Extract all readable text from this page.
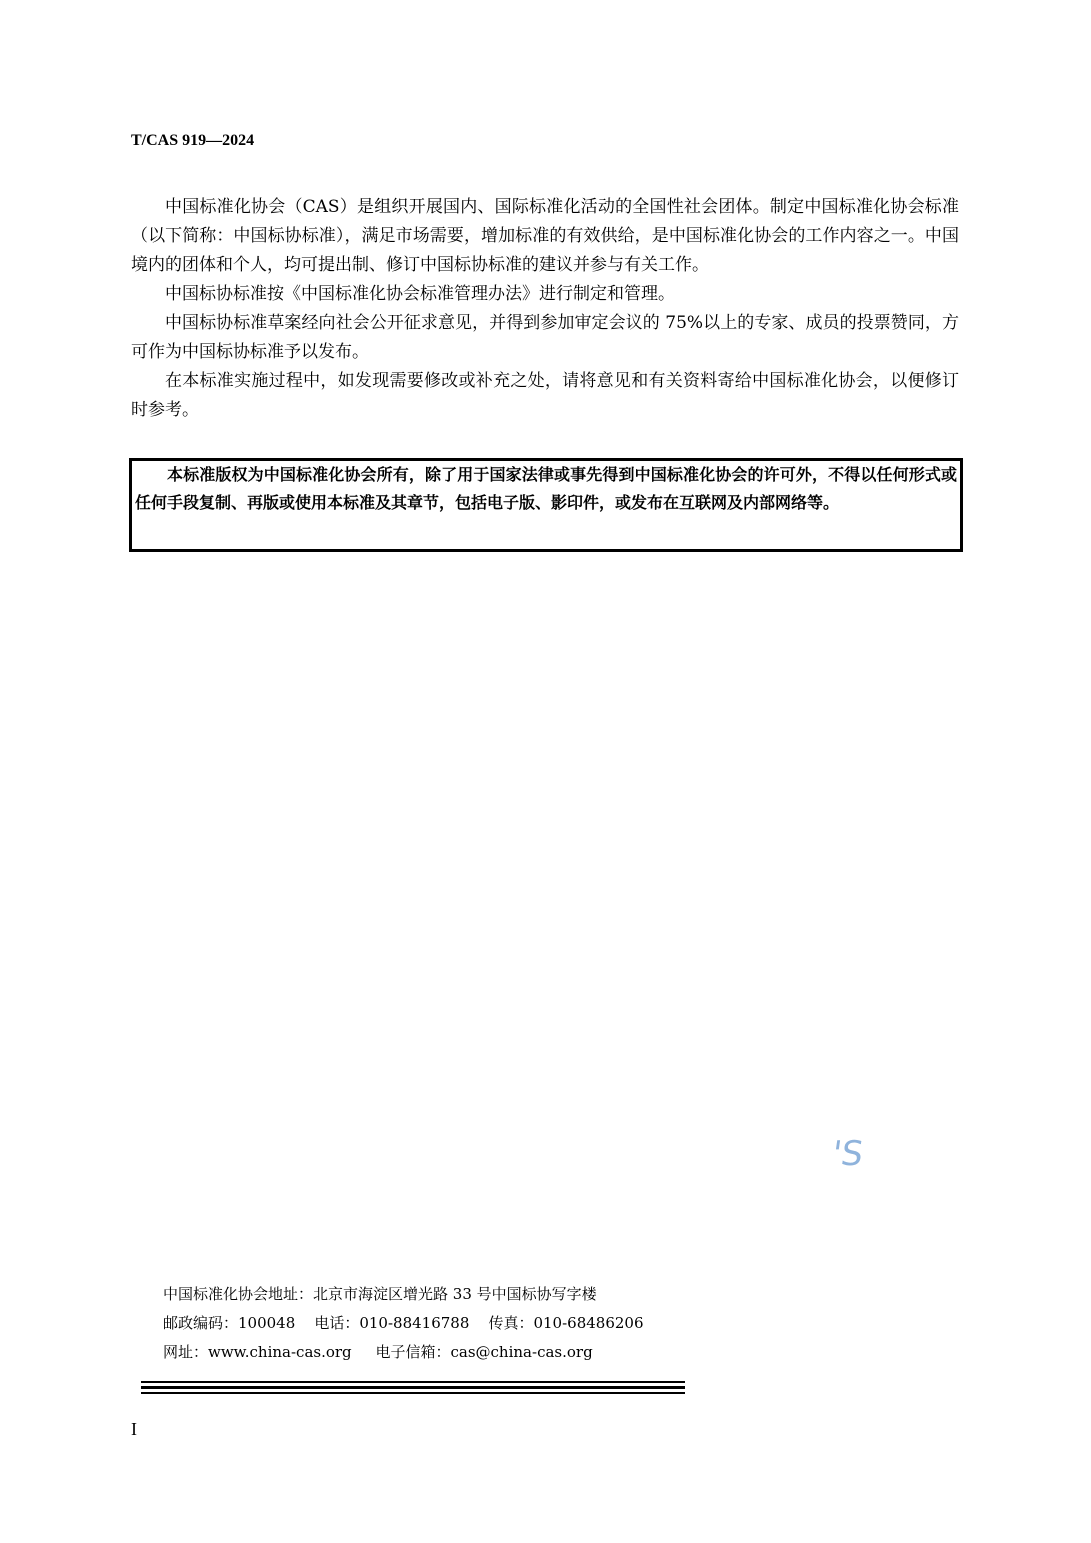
T/CAS 919—2024

中国标准化协会（CAS）是组织开展国内、国际标准化活动的全国性社会团体。制定中国标准化协会标准（以下简称：中国标协标准），满足市场需要，增加标准的有效供给，是中国标准化协会的工作内容之一。中国境内的团体和个人，均可提出制、修订中国标协标准的建议并参与有关工作。

中国标协标准按《中国标准化协会标准管理办法》进行制定和管理。

中国标协标准草案经向社会公开征求意见，并得到参加审定会议的 75%以上的专家、成员的投票赞同，方可作为中国标协标准予以发布。

在本标准实施过程中，如发现需要修改或补充之处，请将意见和有关资料寄给中国标准化协会，以便修订时参考。

本标准版权为中国标准化协会所有，除了用于国家法律或事先得到中国标准化协会的许可外，不得以任何形式或任何手段复制、再版或使用本标准及其章节，包括电子版、影印件，或发布在互联网及内部网络等。

'S
中国标准化协会地址：北京市海淀区增光路 33 号中国标协写字楼
邮政编码：100048    电话：010-88416788    传真：010-68486206
网址：www.china-cas.org     电子信箱：cas@china-cas.org
I
